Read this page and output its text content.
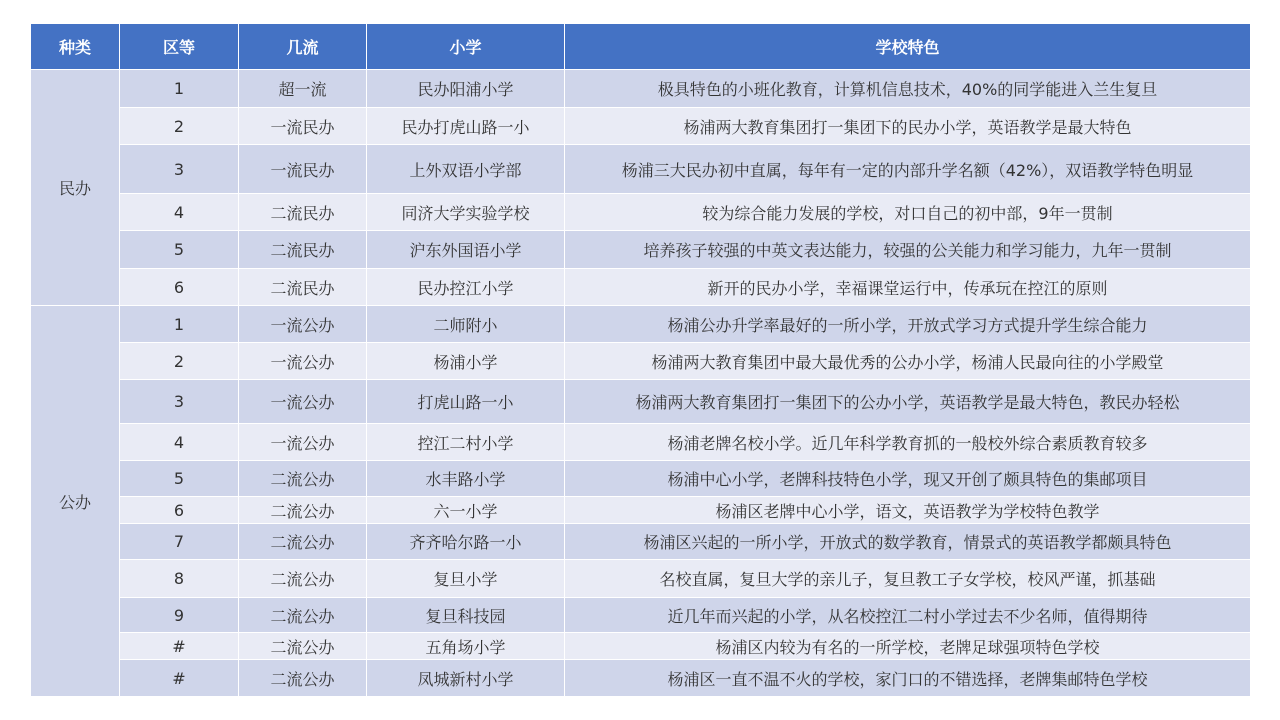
种类	区等	几流	小学	学校特色
民办	1	超一流	民办阳浦小学	极具特色的小班化教育，计算机信息技术，40%的同学能进入兰生复旦
	2	一流民办	民办打虎山路一小	杨浦两大教育集团打一集团下的民办小学，英语教学是最大特色
	3	一流民办	上外双语小学部	杨浦三大民办初中直属，每年有一定的内部升学名额（42%），双语教学特色明显
	4	二流民办	同济大学实验学校	较为综合能力发展的学校，对口自己的初中部，9年一贯制
	5	二流民办	沪东外国语小学	培养孩子较强的中英文表达能力，较强的公关能力和学习能力，九年一贯制
	6	二流民办	民办控江小学	新开的民办小学，幸福课堂运行中，传承玩在控江的原则
公办	1	一流公办	二师附小	杨浦公办升学率最好的一所小学，开放式学习方式提升学生综合能力
	2	一流公办	杨浦小学	杨浦两大教育集团中最大最优秀的公办小学，杨浦人民最向往的小学殿堂
	3	一流公办	打虎山路一小	杨浦两大教育集团打一集团下的公办小学，英语教学是最大特色，教民办轻松
	4	一流公办	控江二村小学	杨浦老牌名校小学。近几年科学教育抓的一般校外综合素质教育较多
	5	二流公办	水丰路小学	杨浦中心小学，老牌科技特色小学，现又开创了颇具特色的集邮项目
	6	二流公办	六一小学	杨浦区老牌中心小学，语文，英语教学为学校特色教学
	7	二流公办	齐齐哈尔路一小	杨浦区兴起的一所小学，开放式的数学教育，情景式的英语教学都颇具特色
	8	二流公办	复旦小学	名校直属，复旦大学的亲儿子，复旦教工子女学校，校风严谨，抓基础
	9	二流公办	复旦科技园	近几年而兴起的小学，从名校控江二村小学过去不少名师，值得期待
	#	二流公办	五角场小学	杨浦区内较为有名的一所学校，老牌足球强项特色学校
	#	二流公办	凤城新村小学	杨浦区一直不温不火的学校，家门口的不错选择，老牌集邮特色学校
